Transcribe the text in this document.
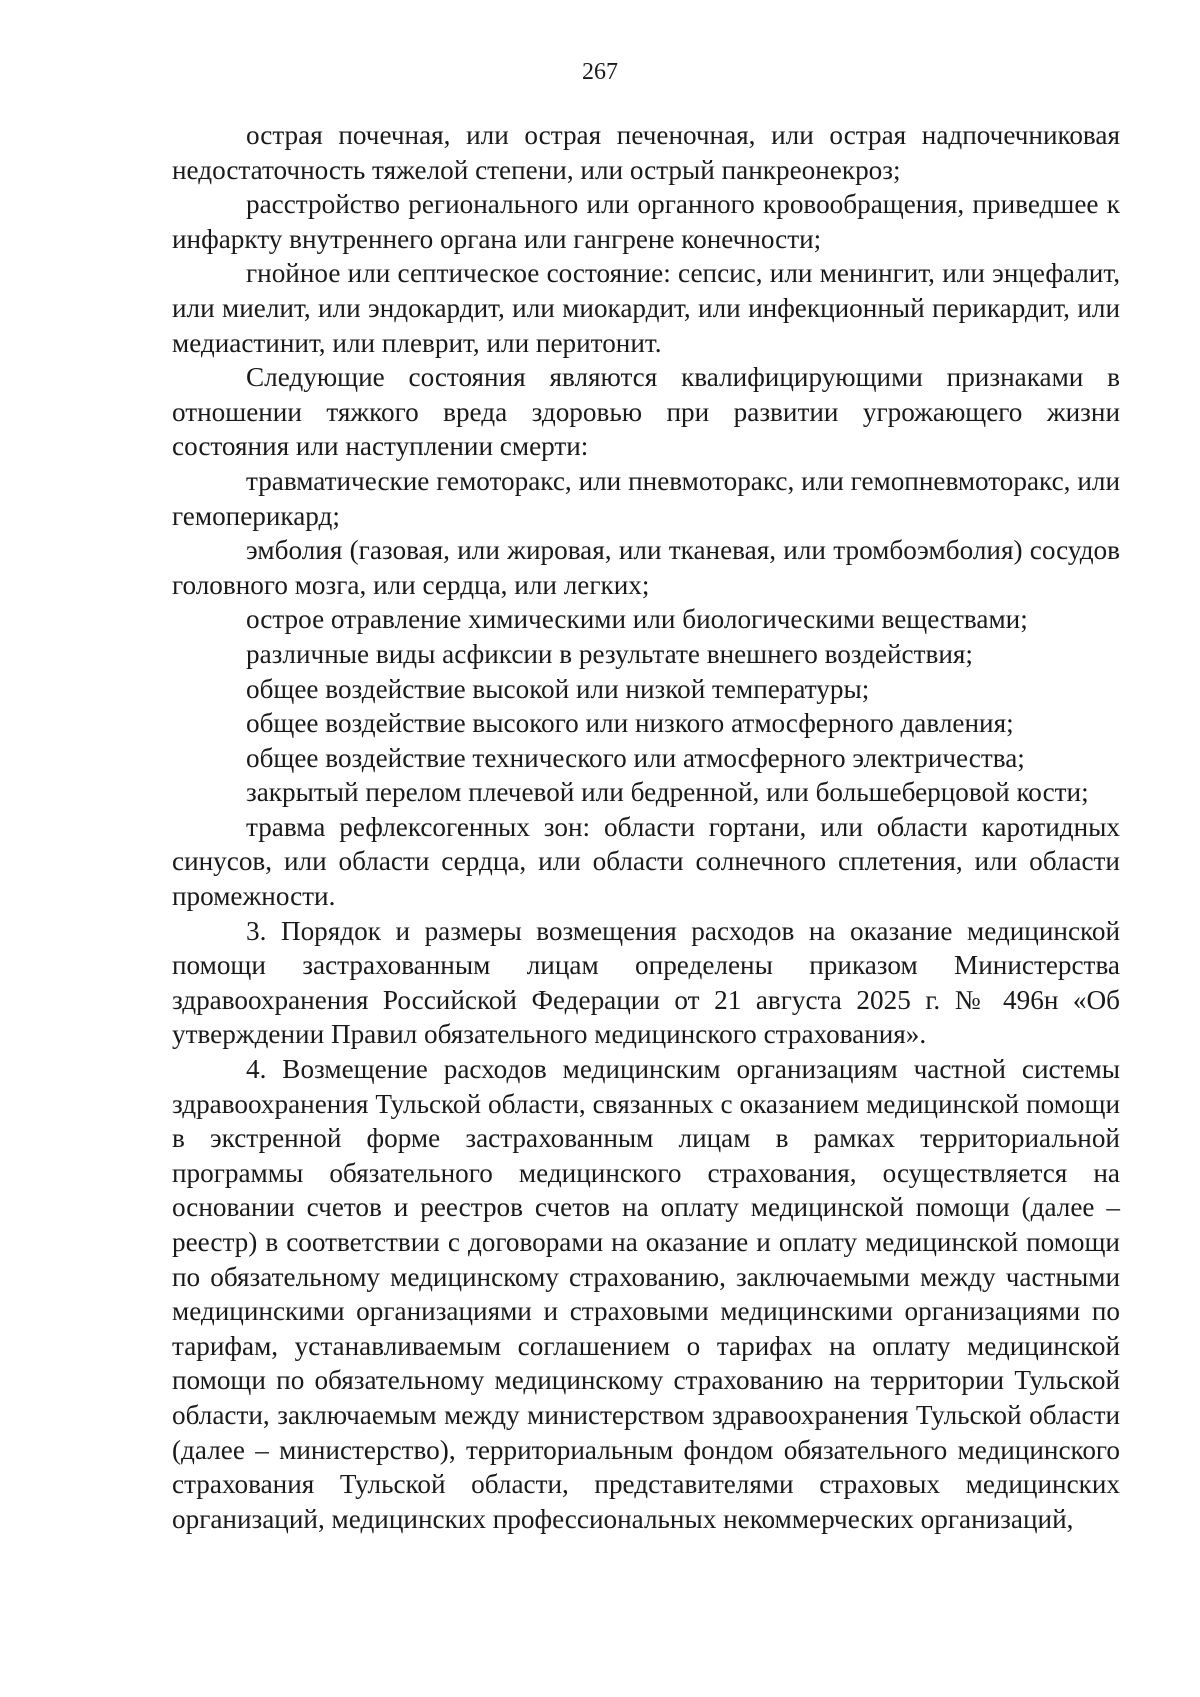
267

острая почечная, или острая печеночная, или острая надпочечниковая недостаточность тяжелой степени, или острый панкреонекроз;

расстройство регионального или органного кровообращения, приведшее к инфаркту внутреннего органа или гангрене конечности;

гнойное или септическое состояние: сепсис, или менингит, или энцефалит, или миелит, или эндокардит, или миокардит, или инфекционный перикардит, или медиастинит, или плеврит, или перитонит.

Следующие состояния являются квалифицирующими признаками в отношении тяжкого вреда здоровью при развитии угрожающего жизни состояния или наступлении смерти:

травматические гемоторакс, или пневмоторакс, или гемопневмоторакс, или гемоперикард;

эмболия (газовая, или жировая, или тканевая, или тромбоэмболия) сосудов головного мозга, или сердца, или легких;

острое отравление химическими или биологическими веществами;

различные виды асфиксии в результате внешнего воздействия;

общее воздействие высокой или низкой температуры;

общее воздействие высокого или низкого атмосферного давления;

общее воздействие технического или атмосферного электричества;

закрытый перелом плечевой или бедренной, или большеберцовой кости;

травма рефлексогенных зон: области гортани, или области каротидных синусов, или области сердца, или области солнечного сплетения, или области промежности.

3. Порядок и размеры возмещения расходов на оказание медицинской помощи застрахованным лицам определены приказом Министерства здравоохранения Российской Федерации от 21 августа 2025 г. № 496н «Об утверждении Правил обязательного медицинского страхования».

4. Возмещение расходов медицинским организациям частной системы здравоохранения Тульской области, связанных с оказанием медицинской помощи в экстренной форме застрахованным лицам в рамках территориальной программы обязательного медицинского страхования, осуществляется на основании счетов и реестров счетов на оплату медицинской помощи (далее – реестр) в соответствии с договорами на оказание и оплату медицинской помощи по обязательному медицинскому страхованию, заключаемыми между частными медицинскими организациями и страховыми медицинскими организациями по тарифам, устанавливаемым соглашением о тарифах на оплату медицинской помощи по обязательному медицинскому страхованию на территории Тульской области, заключаемым между министерством здравоохранения Тульской области (далее – министерство), территориальным фондом обязательного медицинского страхования Тульской области, представителями страховых медицинских организаций, медицинских профессиональных некоммерческих организаций,
